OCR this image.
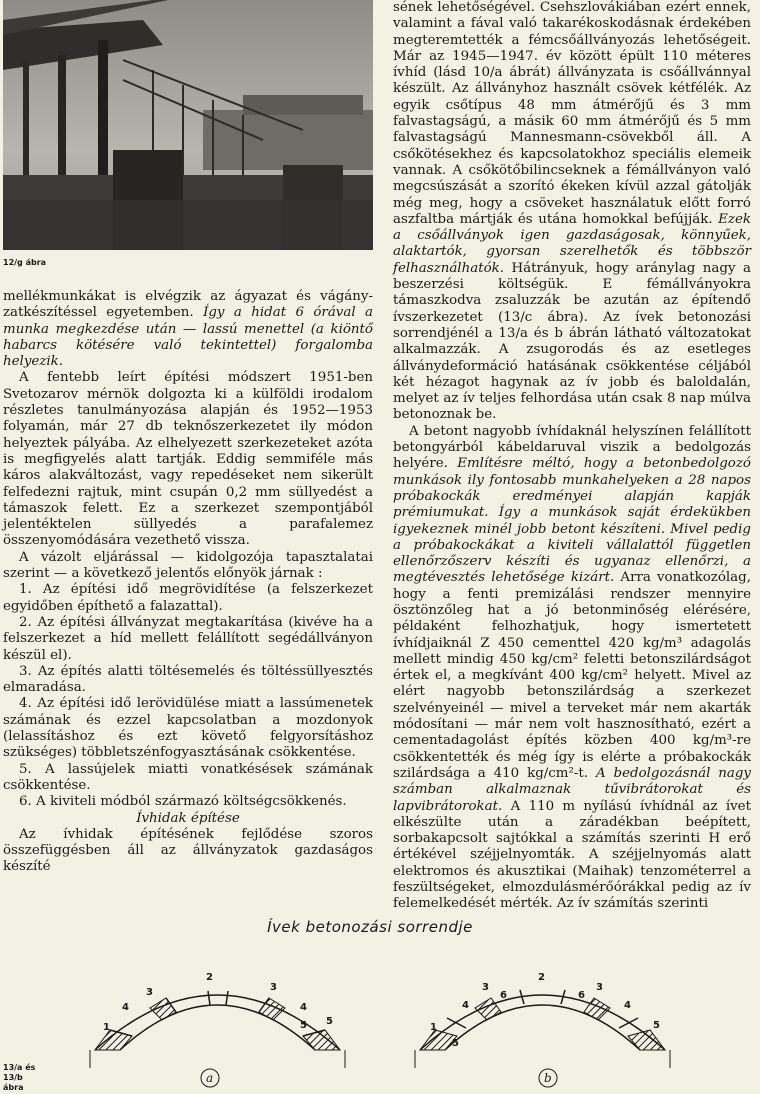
12/g ábra

mellékmunkákat is elvégzik az ágyazat és vágányzatkészítéssel egyetemben. Így a hidat 6 órával a munka megkezdése után — lassú menettel (a kiöntő habarcs kötésére való tekintettel) forgalomba helyezik.

A fentebb leírt építési módszert 1951-ben Svetozarov mérnök dolgozta ki a külföldi irodalom részletes tanulmányozása alapján és 1952—1953 folyamán, már 27 db teknőszerkezetet ily módon helyeztek pályába. Az elhelyezett szerkezeteket azóta is megfigyelés alatt tartják. Eddig semmiféle más káros alakváltozást, vagy repedéseket nem sikerült felfedezni rajtuk, mint csupán 0,2 mm süllyedést a támaszok felett. Ez a szerkezet szempontjából jelentéktelen süllyedés a parafalemez összenyomódására vezethető vissza.

A vázolt eljárással — kidolgozója tapasztalatai szerint — a következő jelentős előnyök járnak :

1. Az építési idő megrövidítése (a felszerkezet egyidőben építhető a falazattal).

2. Az építési állványzat megtakarítása (kivéve ha a felszerkezet a híd mellett felállított segédállványon készül el).

3. Az építés alatti töltésemelés és töltéssüllyesztés elmaradása.

4. Az építési idő lerövidülése miatt a lassúmenetek számának és ezzel kapcsolatban a mozdonyok (lelassításhoz és ezt követő felgyorsításhoz szükséges) többletszénfogyasztásának csökkentése.

5. A lassújelek miatti vonatkésések számának csökkentése.

6. A kiviteli módból származó költségcsökkenés.

Ívhidak építése

Az ívhidak építésének fejlődése szoros összefüggésben áll az állványzatok gazdaságos készíté

sének lehetőségével. Csehszlovákiában ezért ennek, valamint a fával való takarékoskodásnak érdekében megteremtették a fémcsőállványozás lehetőségeit. Már az 1945—1947. év között épült 110 méteres ívhíd (lásd 10/a ábrát) állványzata is csőállvánnyal készült. Az állványhoz használt csövek kétfélék. Az egyik csőtípus 48 mm átmérőjű és 3 mm falvastagságú, a másik 60 mm átmérőjű és 5 mm falvastagságú Mannesmann-csövekből áll. A csőkötésekhez és kapcsolatokhoz speciális elemeik vannak. A csőkötőbilincseknek a fémállványon való megcsúszását a szorító ékeken kívül azzal gátolják még meg, hogy a csöveket használatuk előtt forró aszfaltba mártják és utána homokkal befújják. Ezek a csőállványok igen gazdaságosak, könnyűek, alaktartók, gyorsan szerelhetők és többször felhasználhatók. Hátrányuk, hogy aránylag nagy a beszerzési költségük. E fémállványokra támaszkodva zsaluzzák be azután az építendő ívszerkezetet (13/c ábra). Az ívek betonozási sorrendjénél a 13/a és b ábrán látható változatokat alkalmazzák. A zsugorodás és az esetleges állványdeformáció hatásának csökkentése céljából két hézagot hagynak az ív jobb és baloldalán, melyet az ív teljes felhordása után csak 8 nap múlva betonoznak be.

A betont nagyobb ívhídaknál helyszínen felállított betongyárból kábeldaruval viszik a bedolgozás helyére. Említésre méltó, hogy a betonbedolgozó munkások ily fontosabb munkahelyeken a 28 napos próbakockák eredményei alapján kapják prémiumukat. Így a munkások saját érdekükben igyekeznek minél jobb betont készíteni. Mivel pedig a próbakockákat a kiviteli vállalattól független ellenőrzőszerv készíti és ugyanaz ellenőrzi, a megtévesztés lehetősége kizárt. Arra vonatkozólag, hogy a fenti premizálási rendszer mennyire ösztönzőleg hat a jó betonminőség elérésére, példaként felhozhatjuk, hogy ismertetett ívhídjaiknál Z 450 cementtel 420 kg/m³ adagolás mellett mindig 450 kg/cm² feletti betonszilárdságot értek el, a megkívánt 400 kg/cm² helyett. Mivel az elért nagyobb betonszilárdság a szerkezet szelvényeinél — mivel a terveket már nem akarták módosítani — már nem volt hasznosítható, ezért a cementadagolást építés közben 400 kg/m³-re csökkentették és még így is elérte a próbakockák szilárdsága a 410 kg/cm²-t. A bedolgozásnál nagy számban alkalmaznak tűvibrátorokat és lapvibrátorokat. A 110 m nyílású ívhídnál az ívet elkészülte után a záradékban beépített, sorbakapcsolt sajtókkal a számítás szerinti H erő értékével széjjelnyomták. A széjjelnyomás alatt elektromos és akusztikai (Maihak) tenzométerrel a feszültségeket, elmozdulásmérőórákkal pedig az ív felemelkedését mérték. Az ív számítás szerinti

Ívek betonozási sorrendje
1
2
3	3
4	4
5 5
a
1
2
3	3
4	4
5
5
6	6
b
13/a és 13/b ábra
